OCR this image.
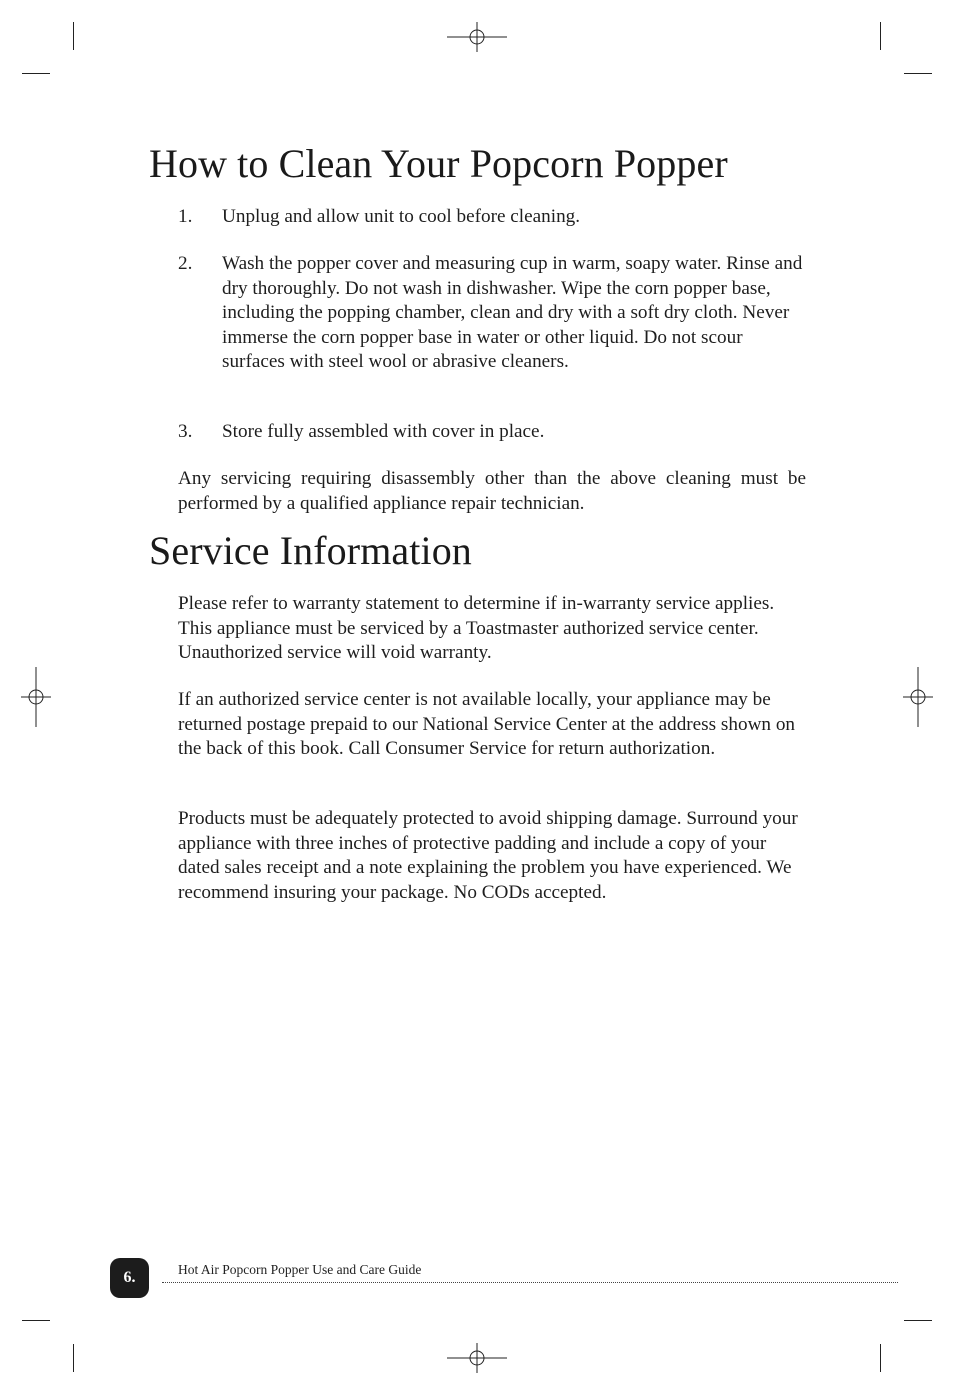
How to Clean Your Popcorn Popper
1. Unplug and allow unit to cool before cleaning.
2. Wash the popper cover and measuring cup in warm, soapy water. Rinse and dry thoroughly. Do not wash in dishwasher. Wipe the corn popper base, including the popping chamber, clean and dry with a soft dry cloth. Never immerse the corn popper base in water or other liquid. Do not scour surfaces with steel wool or abrasive cleaners.
3. Store fully assembled with cover in place.

Any servicing requiring disassembly other than the above cleaning must be performed by a qualified appliance repair technician.

Service Information

Please refer to warranty statement to determine if in-warranty service applies. This appliance must be serviced by a Toastmaster authorized service center. Unauthorized service will void warranty.

If an authorized service center is not available locally, your appliance may be returned postage prepaid to our National Service Center at the address shown on the back of this book. Call Consumer Service for return authorization.

Products must be adequately protected to avoid shipping damage. Surround your appliance with three inches of protective padding and include a copy of your dated sales receipt and a note explaining the problem you have experienced. We recommend insuring your package. No CODs accepted.

6.	Hot Air Popcorn Popper Use and Care Guide
